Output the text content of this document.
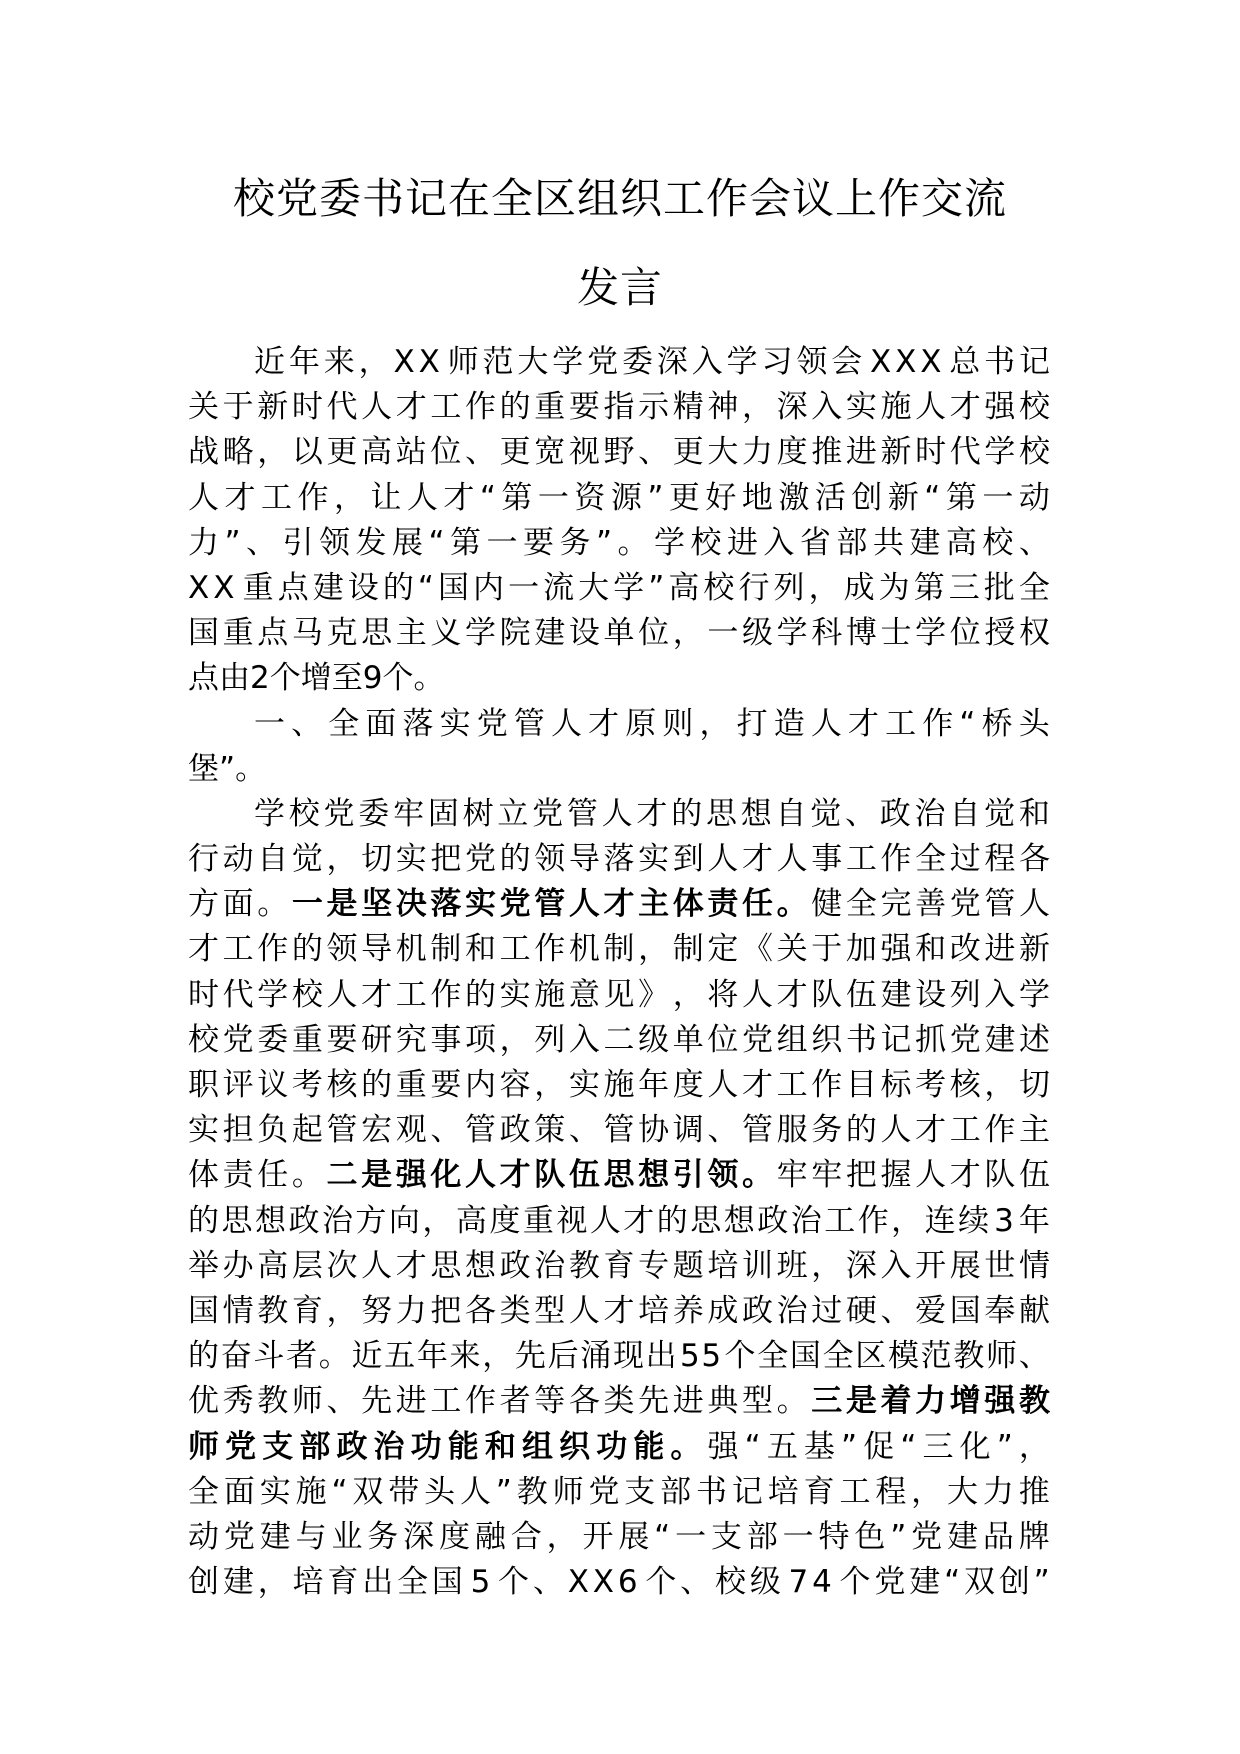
校党委书记在全区组织工作会议上作交流
发言
近 年 来 ， X X 师 范 大 学 党 委 深 入 学 习 领 会 X X X 总 书 记
关 于 新 时 代 人 才 工 作 的 重 要 指 示 精 神 ， 深 入 实 施 人 才 强 校
战 略 ， 以 更 高 站 位 、 更 宽 视 野 、 更 大 力 度 推 进 新 时 代 学 校
人 才 工 作 ， 让 人 才 “ 第 一 资 源 ” 更 好 地 激 活 创 新 “ 第 一 动
力 ” 、 引 领 发 展 “ 第 一 要 务 ” 。 学 校 进 入 省 部 共 建 高 校 、
X X 重 点 建 设 的 “ 国 内 一 流 大 学 ” 高 校 行 列 ， 成 为 第 三 批 全
国 重 点 马 克 思 主 义 学 院 建 设 单 位 ， 一 级 学 科 博 士 学 位 授 权
点 由 2 个 增 至 9 个 。
一 、 全 面 落 实 党 管 人 才 原 则 ， 打 造 人 才 工 作 “ 桥 头
堡 ” 。
学 校 党 委 牢 固 树 立 党 管 人 才 的 思 想 自 觉 、 政 治 自 觉 和
行 动 自 觉 ， 切 实 把 党 的 领 导 落 实 到 人 才 人 事 工 作 全 过 程 各
方 面 。 一 是 坚 决 落 实 党 管 人 才 主 体 责 任 。 健 全 完 善 党 管 人
才 工 作 的 领 导 机 制 和 工 作 机 制 ， 制 定 《 关 于 加 强 和 改 进 新
时 代 学 校 人 才 工 作 的 实 施 意 见 》 ， 将 人 才 队 伍 建 设 列 入 学
校 党 委 重 要 研 究 事 项 ， 列 入 二 级 单 位 党 组 织 书 记 抓 党 建 述
职 评 议 考 核 的 重 要 内 容 ， 实 施 年 度 人 才 工 作 目 标 考 核 ， 切
实 担 负 起 管 宏 观 、 管 政 策 、 管 协 调 、 管 服 务 的 人 才 工 作 主
体 责 任 。 二 是 强 化 人 才 队 伍 思 想 引 领 。 牢 牢 把 握 人 才 队 伍
的 思 想 政 治 方 向 ， 高 度 重 视 人 才 的 思 想 政 治 工 作 ， 连 续 3 年
举 办 高 层 次 人 才 思 想 政 治 教 育 专 题 培 训 班 ， 深 入 开 展 世 情
国 情 教 育 ， 努 力 把 各 类 型 人 才 培 养 成 政 治 过 硬 、 爱 国 奉 献
的 奋 斗 者 。 近 五 年 来 ， 先 后 涌 现 出 5 5 个 全 国 全 区 模 范 教 师 、
优 秀 教 师 、 先 进 工 作 者 等 各 类 先 进 典 型 。 三 是 着 力 增 强 教
师 党 支 部 政 治 功 能 和 组 织 功 能 。 强 “ 五 基 ” 促 “ 三 化 ” ，
全 面 实 施 “ 双 带 头 人 ” 教 师 党 支 部 书 记 培 育 工 程 ， 大 力 推
动 党 建 与 业 务 深 度 融 合 ， 开 展 “ 一 支 部 一 特 色 ” 党 建 品 牌
创 建 ， 培 育 出 全 国 5 个 、 X X 6 个 、 校 级 7 4 个 党 建 “ 双 创 ”
